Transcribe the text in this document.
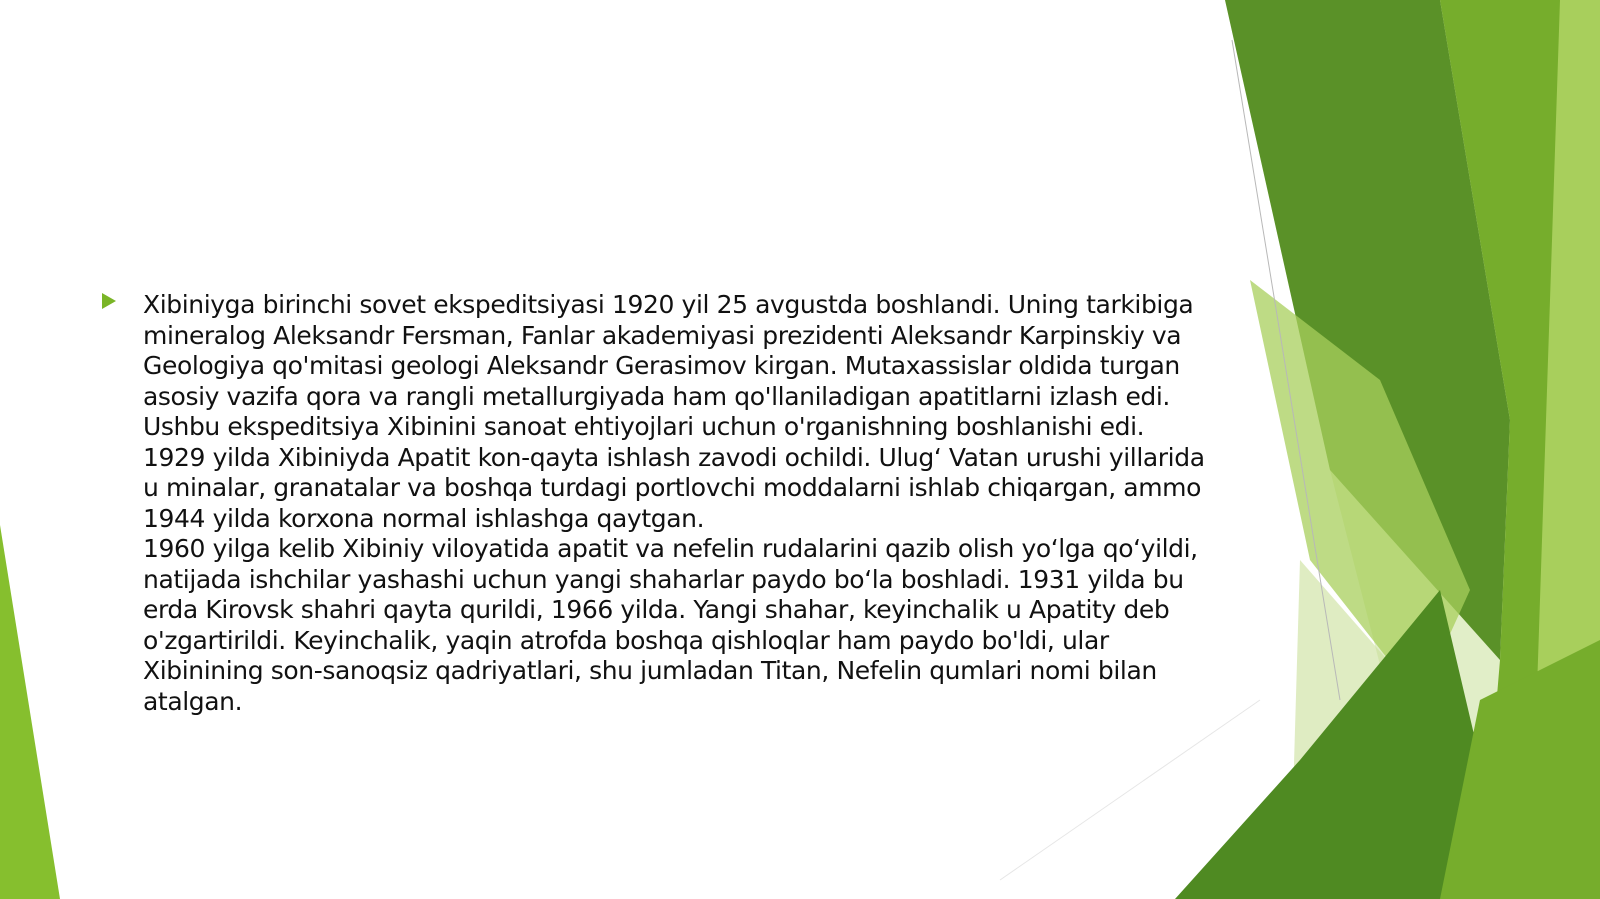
Xibiniyga birinchi sovet ekspeditsiyasi 1920 yil 25 avgustda boshlandi. Uning tarkibiga mineralog Aleksandr Fersman, Fanlar akademiyasi prezidenti Aleksandr Karpinskiy va Geologiya qo'mitasi geologi Aleksandr Gerasimov kirgan. Mutaxassislar oldida turgan asosiy vazifa qora va rangli metallurgiyada ham qo'llaniladigan apatitlarni izlash edi. Ushbu ekspeditsiya Xibinini sanoat ehtiyojlari uchun o'rganishning boshlanishi edi.

1929 yilda Xibiniyda Apatit kon-qayta ishlash zavodi ochildi. Ulug‘ Vatan urushi yillarida u minalar, granatalar va boshqa turdagi portlovchi moddalarni ishlab chiqargan, ammo 1944 yilda korxona normal ishlashga qaytgan.

1960 yilga kelib Xibiniy viloyatida apatit va nefelin rudalarini qazib olish yo‘lga qo‘yildi, natijada ishchilar yashashi uchun yangi shaharlar paydo bo‘la boshladi. 1931 yilda bu erda Kirovsk shahri qayta qurildi, 1966 yilda. Yangi shahar, keyinchalik u Apatity deb o'zgartirildi. Keyinchalik, yaqin atrofda boshqa qishloqlar ham paydo bo'ldi, ular Xibinining son-sanoqsiz qadriyatlari, shu jumladan Titan, Nefelin qumlari nomi bilan atalgan.
